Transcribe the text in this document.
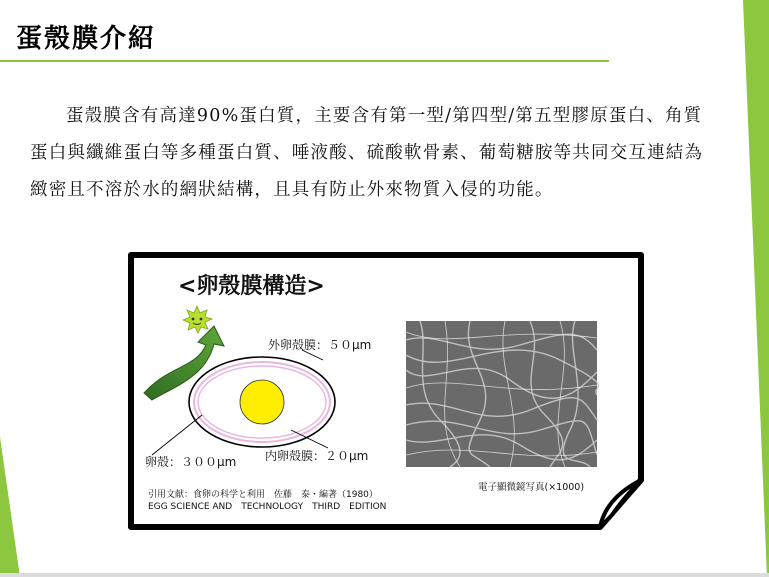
蛋殼膜介紹
蛋殼膜含有高達90%蛋白質，主要含有第一型/第四型/第五型膠原蛋白、角質蛋白與纖維蛋白等多種蛋白質、唾液酸、硫酸軟骨素、葡萄糖胺等共同交互連結為緻密且不溶於水的網狀結構，且具有防止外來物質入侵的功能。
<卵殼膜構造>
外卵殻膜：５０μm
卵殻：３００μm 内卵殻膜：２０μm
電子顯微鏡写真(×1000)
引用文献：食卵の科学と利用　佐藤　泰・編著（1980）
EGG SCIENCE AND　TECHNOLOGY　THIRD　EDITION
